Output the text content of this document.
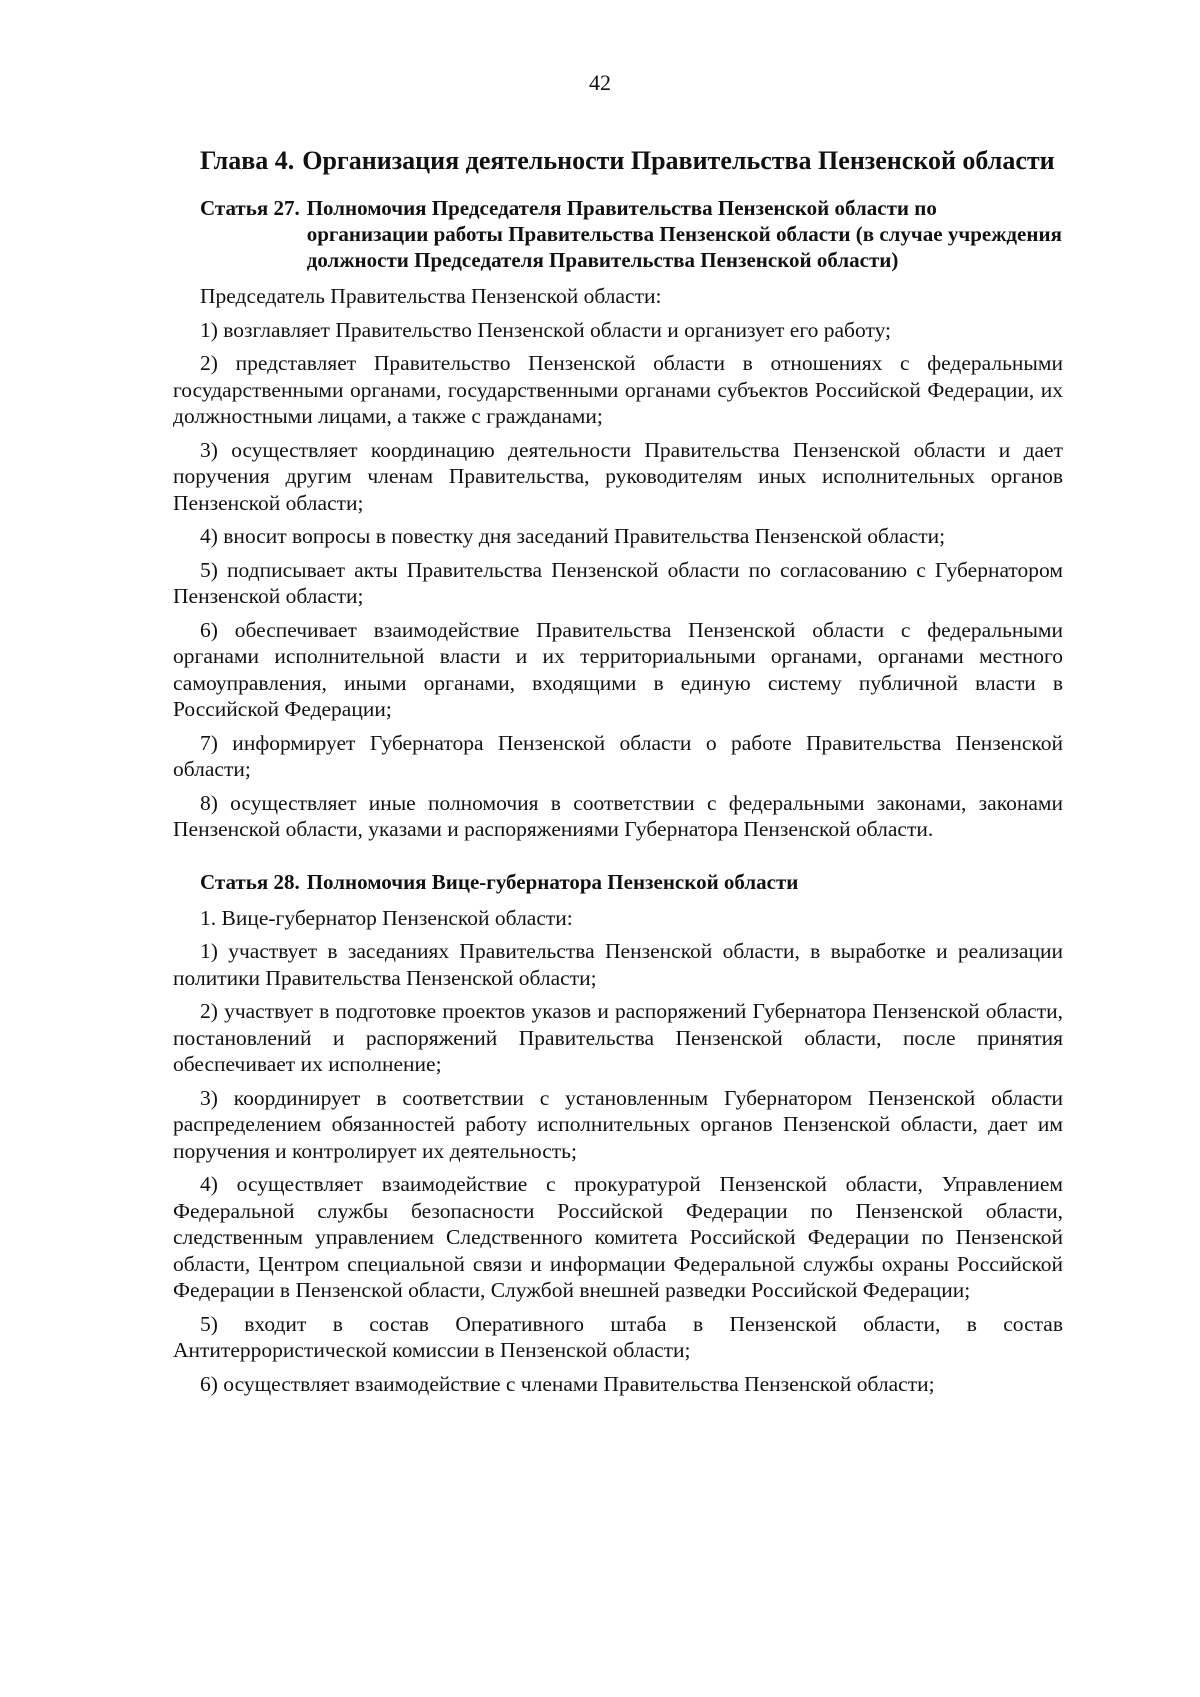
42
Глава 4. Организация деятельности Правительства Пензенской области
Статья 27. Полномочия Председателя Правительства Пензенской области по организации работы Правительства Пензенской области (в случае учреждения должности Председателя Правительства Пензенской области)

Председатель Правительства Пензенской области:

1) возглавляет Правительство Пензенской области и организует его работу;

2) представляет Правительство Пензенской области в отношениях с федеральными государственными органами, государственными органами субъектов Российской Федерации, их должностными лицами, а также с гражданами;

3) осуществляет координацию деятельности Правительства Пензенской области и дает поручения другим членам Правительства, руководителям иных исполнительных органов Пензенской области;

4) вносит вопросы в повестку дня заседаний Правительства Пензенской области;

5) подписывает акты Правительства Пензенской области по согласованию с Губернатором Пензенской области;

6) обеспечивает взаимодействие Правительства Пензенской области с федеральными органами исполнительной власти и их территориальными органами, органами местного самоуправления, иными органами, входящими в единую систему публичной власти в Российской Федерации;

7) информирует Губернатора Пензенской области о работе Правительства Пензенской области;

8) осуществляет иные полномочия в соответствии с федеральными законами, законами Пензенской области, указами и распоряжениями Губернатора Пензенской области.

Статья 28. Полномочия Вице-губернатора Пензенской области

1. Вице-губернатор Пензенской области:

1) участвует в заседаниях Правительства Пензенской области, в выработке и реализации политики Правительства Пензенской области;

2) участвует в подготовке проектов указов и распоряжений Губернатора Пензенской области, постановлений и распоряжений Правительства Пензенской области, после принятия обеспечивает их исполнение;

3) координирует в соответствии с установленным Губернатором Пензенской области распределением обязанностей работу исполнительных органов Пензенской области, дает им поручения и контролирует их деятельность;

4) осуществляет взаимодействие с прокуратурой Пензенской области, Управлением Федеральной службы безопасности Российской Федерации по Пензенской области, следственным управлением Следственного комитета Российской Федерации по Пензенской области, Центром специальной связи и информации Федеральной службы охраны Российской Федерации в Пензенской области, Службой внешней разведки Российской Федерации;

5) входит в состав Оперативного штаба в Пензенской области, в состав Антитеррористической комиссии в Пензенской области;

6) осуществляет взаимодействие с членами Правительства Пензенской области;
